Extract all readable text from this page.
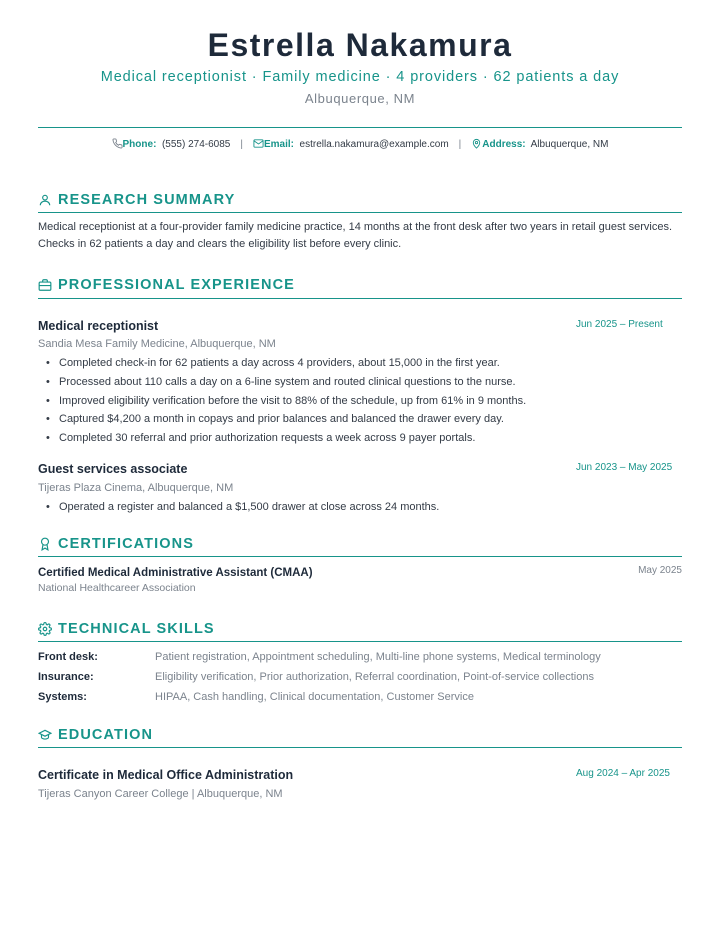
Estrella Nakamura
Medical receptionist · Family medicine · 4 providers · 62 patients a day
Albuquerque, NM
Phone: (555) 274-6085 | Email: estrella.nakamura@example.com | Address: Albuquerque, NM
RESEARCH SUMMARY
Medical receptionist at a four-provider family medicine practice, 14 months at the front desk after two years in retail guest services. Checks in 62 patients a day and clears the eligibility list before every clinic.
PROFESSIONAL EXPERIENCE
Medical receptionist	Jun 2025 – Present
Sandia Mesa Family Medicine, Albuquerque, NM
• Completed check-in for 62 patients a day across 4 providers, about 15,000 in the first year.
• Processed about 110 calls a day on a 6-line system and routed clinical questions to the nurse.
• Improved eligibility verification before the visit to 88% of the schedule, up from 61% in 9 months.
• Captured $4,200 a month in copays and prior balances and balanced the drawer every day.
• Completed 30 referral and prior authorization requests a week across 9 payer portals.
Guest services associate	Jun 2023 – May 2025
Tijeras Plaza Cinema, Albuquerque, NM
• Operated a register and balanced a $1,500 drawer at close across 24 months.
CERTIFICATIONS
Certified Medical Administrative Assistant (CMAA)	May 2025
National Healthcareer Association
TECHNICAL SKILLS
Front desk:	Patient registration, Appointment scheduling, Multi-line phone systems, Medical terminology
Insurance:	Eligibility verification, Prior authorization, Referral coordination, Point-of-service collections
Systems:	HIPAA, Cash handling, Clinical documentation, Customer Service
EDUCATION
Certificate in Medical Office Administration	Aug 2024 – Apr 2025
Tijeras Canyon Career College | Albuquerque, NM
